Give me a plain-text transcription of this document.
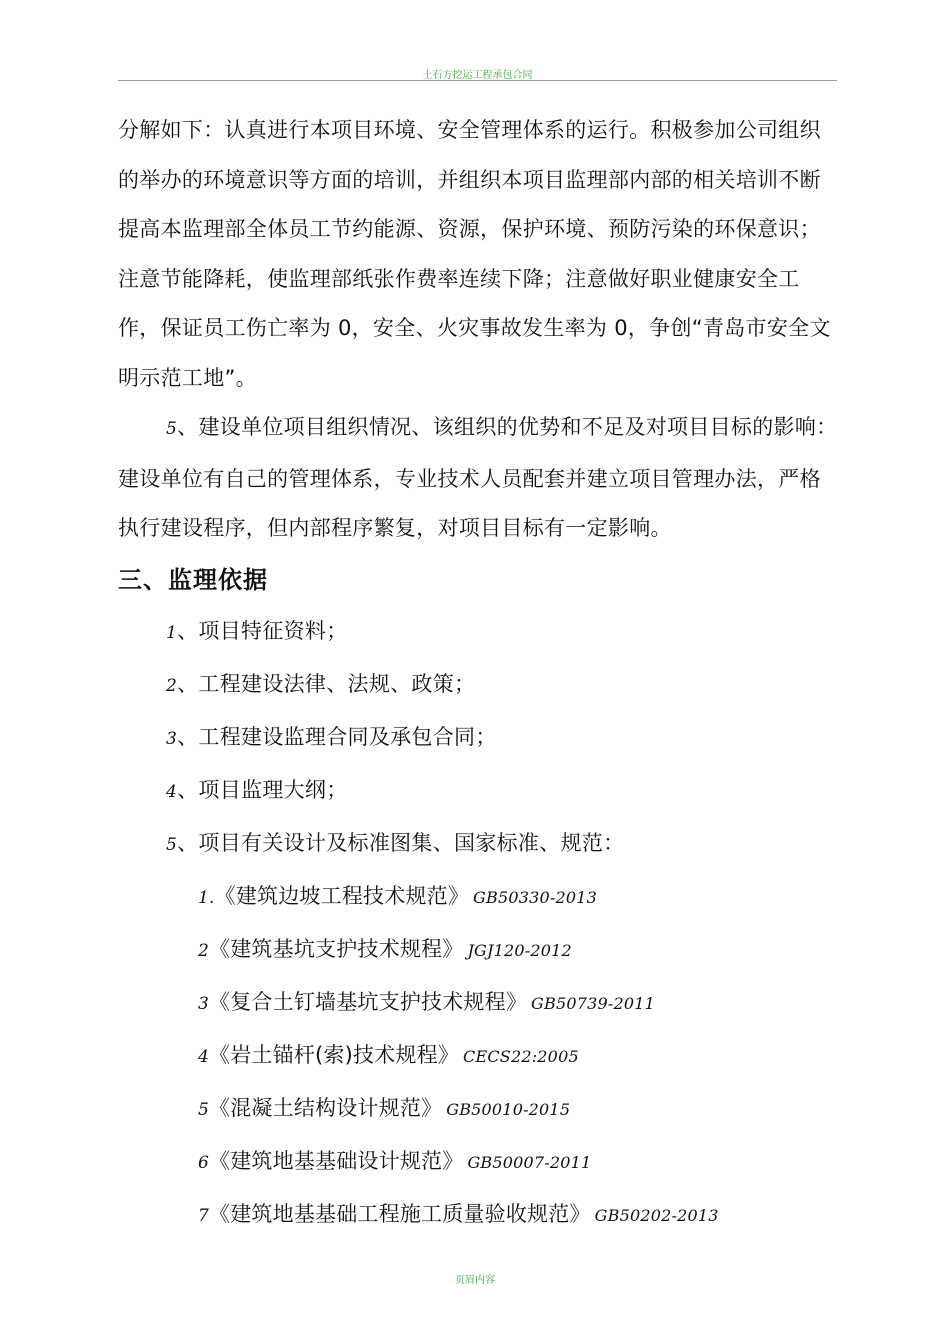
土石方挖运工程承包合同

分解如下：认真进行本项目环境、安全管理体系的运行。积极参加公司组织的举办的环境意识等方面的培训，并组织本项目监理部内部的相关培训不断提高本监理部全体员工节约能源、资源，保护环境、预防污染的环保意识；注意节能降耗，使监理部纸张作费率连续下降；注意做好职业健康安全工作，保证员工伤亡率为 0，安全、火灾事故发生率为 0，争创“青岛市安全文明示范工地”。

5、建设单位项目组织情况、该组织的优势和不足及对项目目标的影响：建设单位有自己的管理体系，专业技术人员配套并建立项目管理办法，严格执行建设程序，但内部程序繁复，对项目目标有一定影响。

三、监理依据

1、项目特征资料；

2、工程建设法律、法规、政策；

3、工程建设监理合同及承包合同；

4、项目监理大纲；

5、项目有关设计及标准图集、国家标准、规范：

1.《建筑边坡工程技术规范》 GB50330-2013

2《建筑基坑支护技术规程》 JGJ120-2012

3《复合土钉墙基坑支护技术规程》 GB50739-2011

4《岩土锚杆(索)技术规程》 CECS22:2005

5《混凝土结构设计规范》 GB50010-2015

6《建筑地基基础设计规范》 GB50007-2011

7《建筑地基基础工程施工质量验收规范》 GB50202-2013

页眉内容
